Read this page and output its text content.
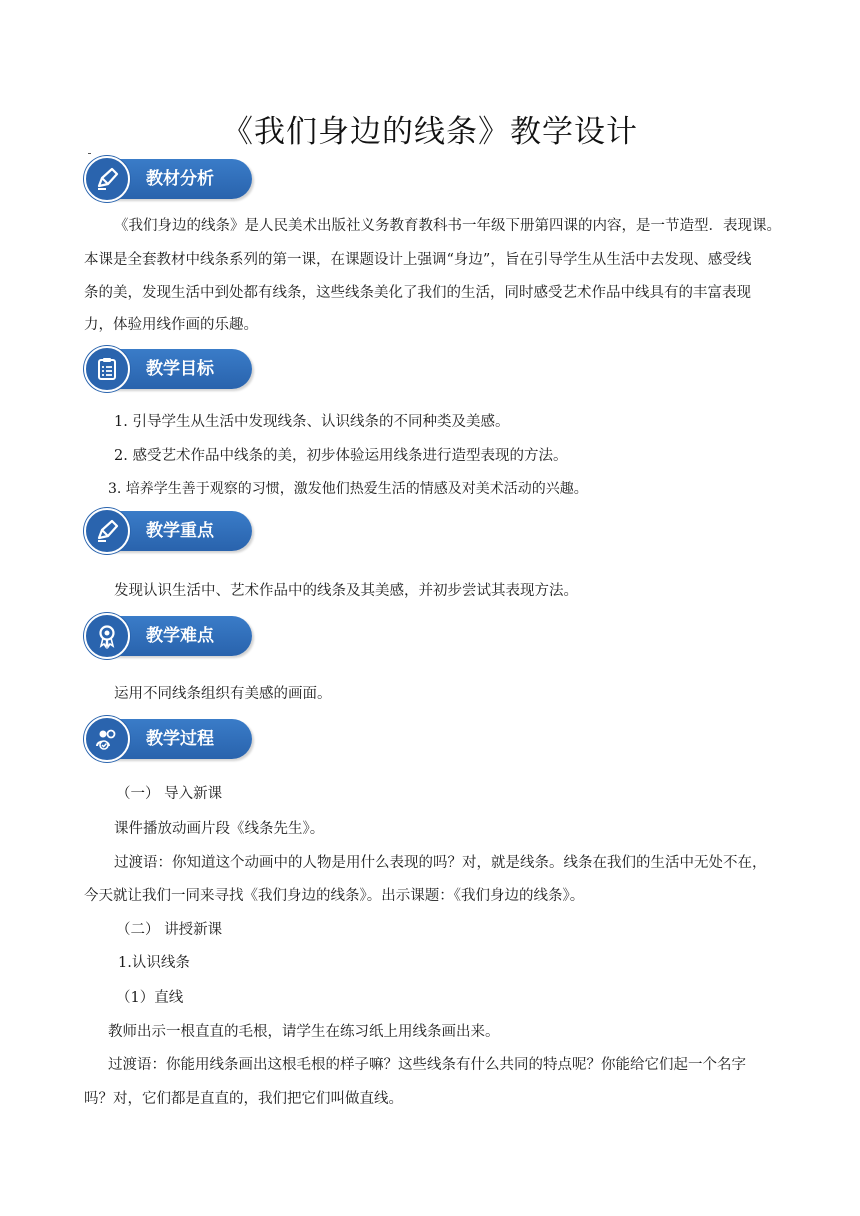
《我们身边的线条》教学设计
教材分析
《我们身边的线条》是人民美术出版社义务教育教科书一年级下册第四课的内容，是一节造型．表现课。
本课是全套教材中线条系列的第一课，在课题设计上强调“身边”，旨在引导学生从生活中去发现、感受线
条的美，发现生活中到处都有线条，这些线条美化了我们的生活，同时感受艺术作品中线具有的丰富表现
力，体验用线作画的乐趣。
教学目标
1. 引导学生从生活中发现线条、认识线条的不同种类及美感。
2. 感受艺术作品中线条的美，初步体验运用线条进行造型表现的方法。
3. 培养学生善于观察的习惯，激发他们热爱生活的情感及对美术活动的兴趣。
教学重点
发现认识生活中、艺术作品中的线条及其美感，并初步尝试其表现方法。
教学难点
运用不同线条组织有美感的画面。
教学过程
（一） 导入新课
课件播放动画片段《线条先生》。
过渡语：你知道这个动画中的人物是用什么表现的吗？对，就是线条。线条在我们的生活中无处不在，
今天就让我们一同来寻找《我们身边的线条》。出示课题：《我们身边的线条》。
（二） 讲授新课
1.认识线条
（1）直线
教师出示一根直直的毛根，请学生在练习纸上用线条画出来。
过渡语：你能用线条画出这根毛根的样子嘛？这些线条有什么共同的特点呢？你能给它们起一个名字
吗？对，它们都是直直的，我们把它们叫做直线。
